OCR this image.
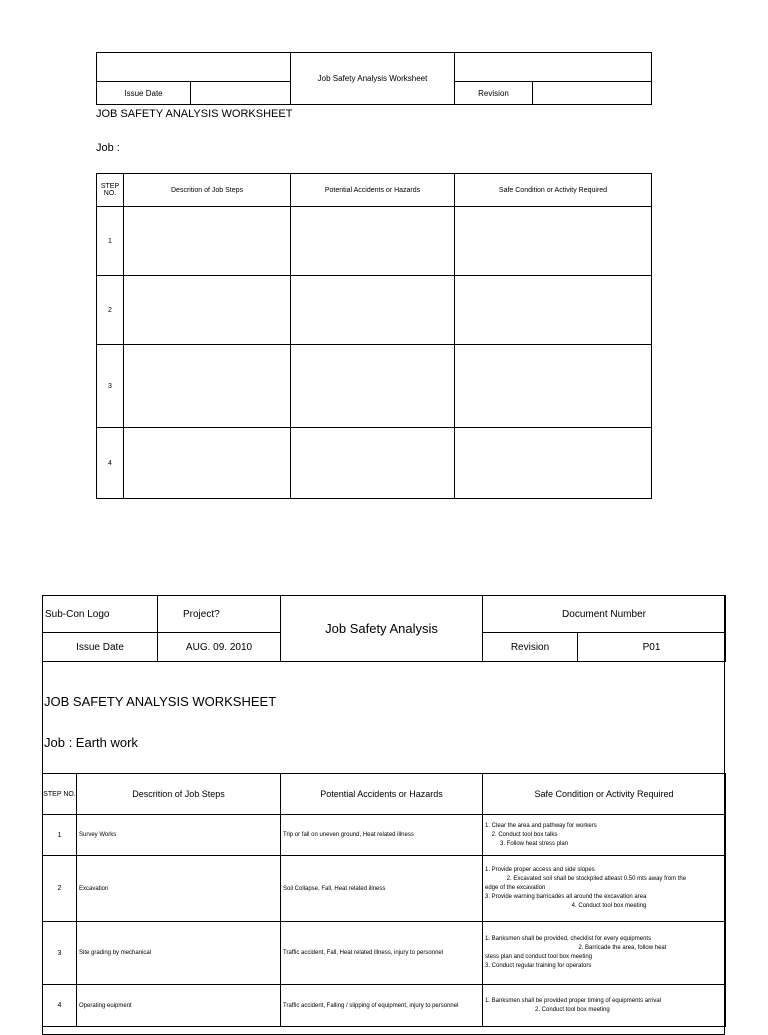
		Job Safety Analysis Worksheet		
Issue Date			Revision	
JOB SAFETY ANALYSIS WORKSHEET
Job :
STEP NO.	Descrition of Job Steps	Potential Accidents or Hazards	Safe Condition or Activity Required
1			
2			
3			
4			
Sub-Con Logo	Project?	Job Safety Analysis	Document Number	
Issue Date	AUG. 09. 2010		Revision	P01
JOB SAFETY ANALYSIS WORKSHEET
Job : Earth work
STEP NO.	Descrition of Job Steps	Potential Accidents or Hazards	Safe Condition or Activity Required
1	Survey Works	Trip or fall on uneven ground, Heat related illness	1. Clear the area and pathway for workers
2. Conduct tool box talks
3. Follow heat stress plan

2	Excavation	Soil Collapse, Fall, Heat related illness	1. Provide proper access and side slopes
2. Excavated soil shall be stockpiled atleast 0.50 mts away from the
edge of the excavation
3. Provide warning barricades all around the excavation area
4. Conduct tool box meeting

3	Site grading by mechanical	Traffic accident, Fall, Heat related illness, injury to personnel	1. Banksmen shall be provided, checklist for every equipments
2. Barricade the area, follow heat
stess plan and conduct tool box meeting
3. Conduct regular training for operators

4	Operating euipment	Traffic accident, Falling / slipping of equipment, injury to personnel	1. Banksmen shall be provided proper timing of equipments arrival
2. Conduct tool box meeting
